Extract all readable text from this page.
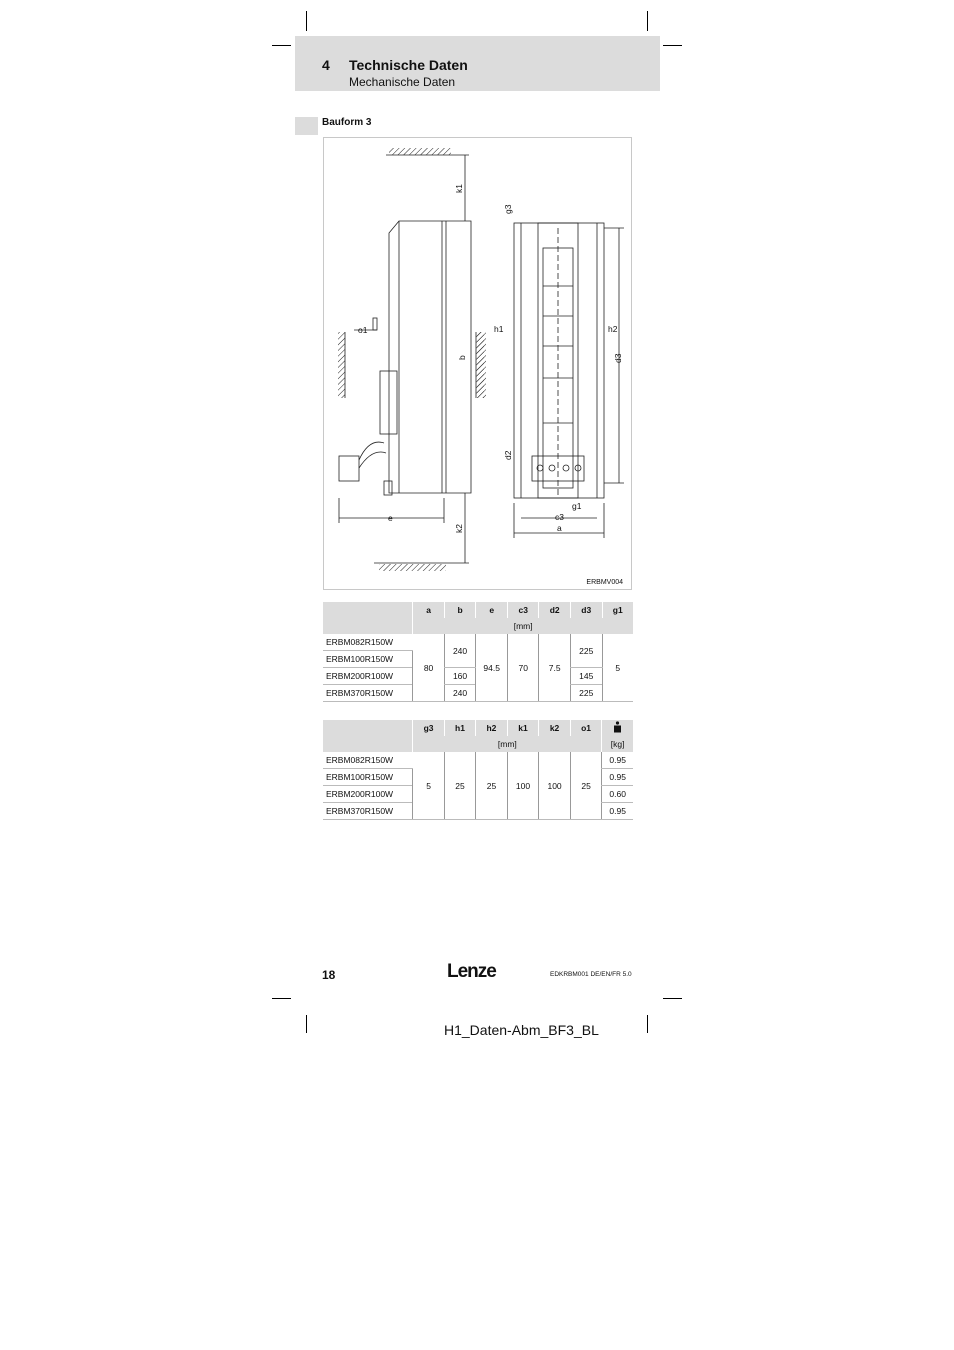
4 Technische Daten
Mechanische Daten
Bauform 3
k1
k2
o1
b
e
h1	h2
d3
d2
g3
g1
c3
a
ERBMV004
	a	b	e	c3	d2	d3	g1
	[mm]						
ERBM082R150W	80	240	94.5	70	7.5	225	5
ERBM100R150W							
ERBM200R100W		160				145	
ERBM370R150W		240				225	
	g3	h1	h2	k1	k2	o1	
	[mm]						[kg]
ERBM082R150W	5	25	25	100	100	25	0.95
ERBM100R150W							0.95
ERBM200R100W							0.60
ERBM370R150W							0.95
18	Lenze	EDKRBM001 DE/EN/FR 5.0
H1_Daten-Abm_BF3_BL
